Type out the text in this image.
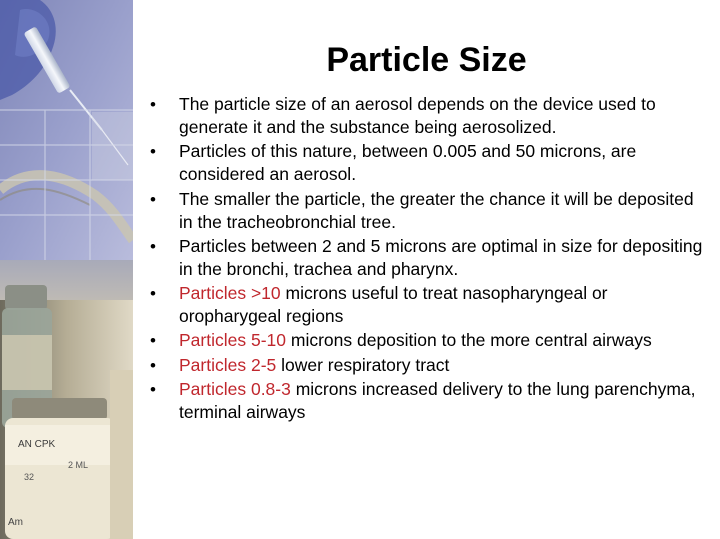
AN CPK
32
2 ML
Am
Particle Size
• The particle size of an aerosol depends on the device used to generate it and the substance being aerosolized.
• Particles of this nature, between 0.005 and 50 microns, are considered an aerosol.
• The smaller the particle, the greater the chance it will be deposited in the tracheobronchial tree.
• Particles between 2 and 5 microns are optimal in size for depositing in the bronchi, trachea and pharynx.
• Particles >10 microns useful to treat nasopharyngeal or oropharygeal regions
• Particles 5-10 microns deposition to the more central airways
• Particles 2-5 lower respiratory tract
• Particles 0.8-3 microns increased delivery to the lung parenchyma, terminal airways
